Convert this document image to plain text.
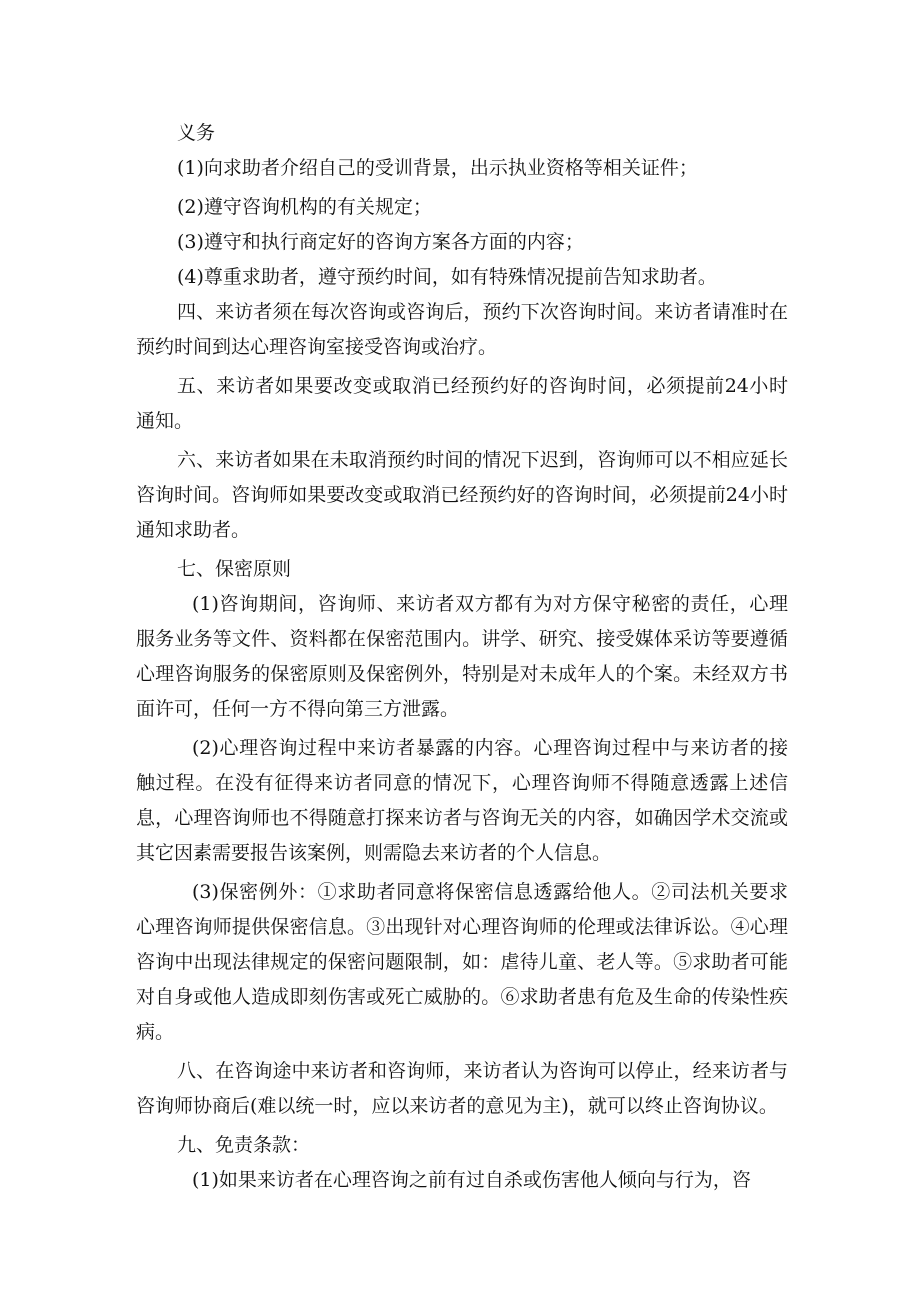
义务

(1)向求助者介绍自己的受训背景，出示执业资格等相关证件；

(2)遵守咨询机构的有关规定；

(3)遵守和执行商定好的咨询方案各方面的内容；

(4)尊重求助者，遵守预约时间，如有特殊情况提前告知求助者。

四、来访者须在每次咨询或咨询后，预约下次咨询时间。来访者请准时在预约时间到达心理咨询室接受咨询或治疗。

五、来访者如果要改变或取消已经预约好的咨询时间，必须提前24小时通知。

六、来访者如果在未取消预约时间的情况下迟到，咨询师可以不相应延长咨询时间。咨询师如果要改变或取消已经预约好的咨询时间，必须提前24小时通知求助者。

七、保密原则

(1)咨询期间，咨询师、来访者双方都有为对方保守秘密的责任，心理服务业务等文件、资料都在保密范围内。讲学、研究、接受媒体采访等要遵循心理咨询服务的保密原则及保密例外，特别是对未成年人的个案。未经双方书面许可，任何一方不得向第三方泄露。

(2)心理咨询过程中来访者暴露的内容。心理咨询过程中与来访者的接触过程。在没有征得来访者同意的情况下，心理咨询师不得随意透露上述信息，心理咨询师也不得随意打探来访者与咨询无关的内容，如确因学术交流或其它因素需要报告该案例，则需隐去来访者的个人信息。

(3)保密例外：①求助者同意将保密信息透露给他人。②司法机关要求心理咨询师提供保密信息。③出现针对心理咨询师的伦理或法律诉讼。④心理咨询中出现法律规定的保密问题限制，如：虐待儿童、老人等。⑤求助者可能对自身或他人造成即刻伤害或死亡威胁的。⑥求助者患有危及生命的传染性疾病。

八、在咨询途中来访者和咨询师，来访者认为咨询可以停止，经来访者与咨询师协商后(难以统一时，应以来访者的意见为主)，就可以终止咨询协议。

九、免责条款：

(1)如果来访者在心理咨询之前有过自杀或伤害他人倾向与行为，咨
